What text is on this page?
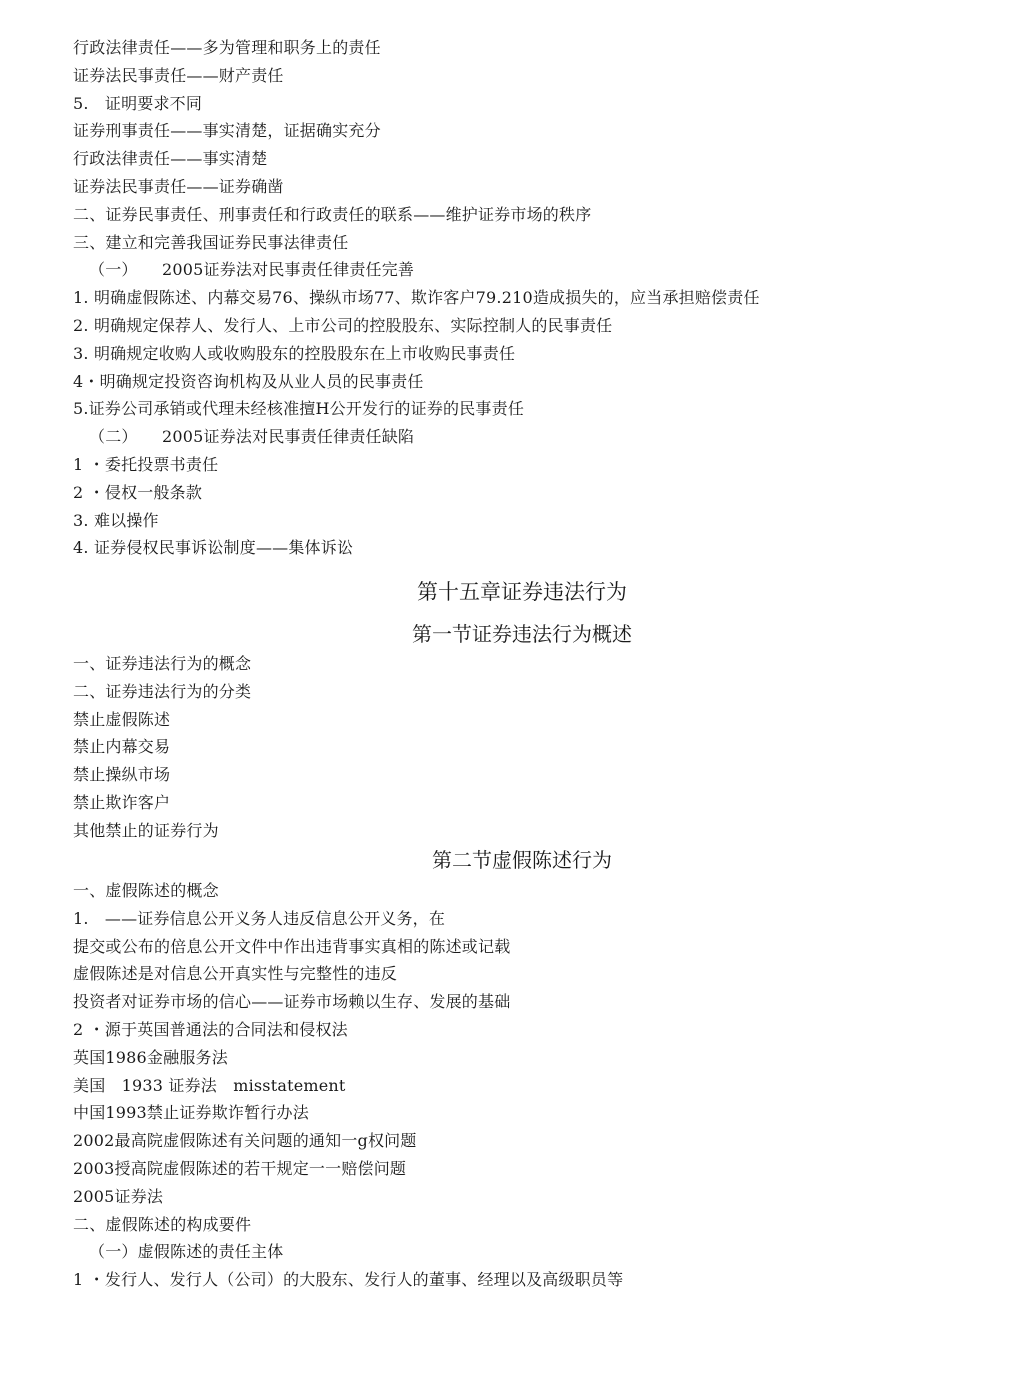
行政法律责任——多为管理和职务上的责任
证券法民事责任——财产责任
5.　证明要求不同
证券刑事责任——事实清楚，证据确实充分
行政法律责任——事实清楚
证券法民事责任——证券确凿
二、证券民事责任、刑事责任和行政责任的联系——维护证券市场的秩序
三、建立和完善我国证券民事法律责任
（一）　　2005证券法对民事责任律责任完善
1. 明确虚假陈述、内幕交易76、操纵市场77、欺诈客户79.210造成损失的，应当承担赔偿责任
2. 明确规定保荐人、发行人、上市公司的控股股东、实际控制人的民事责任
3. 明确规定收购人或收购股东的控股股东在上市收购民事责任
4・明确规定投资咨询机构及从业人员的民事责任
5.证券公司承销或代理未经核准擅H公开发行的证券的民事责任
（二）　　2005证券法对民事责任律责任缺陷
1 ・委托投票书责任
2 ・侵权一般条款
3. 难以操作
4. 证券侵权民事诉讼制度——集体诉讼
第十五章证券违法行为
第一节证券违法行为概述
一、证券违法行为的概念
二、证券违法行为的分类
禁止虚假陈述
禁止内幕交易
禁止操纵市场
禁止欺诈客户
其他禁止的证券行为
第二节虚假陈述行为
一、虚假陈述的概念
1.　——证券信息公开义务人违反信息公开义务，在
提交或公布的倍息公开文件中作出违背事实真相的陈述或记载
虚假陈述是对信息公开真实性与完整性的违反
投资者对证券市场的信心——证券市场赖以生存、发展的基础
2 ・源于英国普通法的合同法和侵权法
英国1986金融服务法
美国　1933 证券法　misstatement
中国1993禁止证券欺诈暂行办法
2002最高院虚假陈述有关问题的通知一g权问题
2003授高院虚假陈述的若干规定一一赔偿问题
2005证券法
二、虚假陈述的构成要件
（一）虚假陈述的责任主体
1 ・发行人、发行人（公司）的大股东、发行人的董事、经理以及高级职员等
